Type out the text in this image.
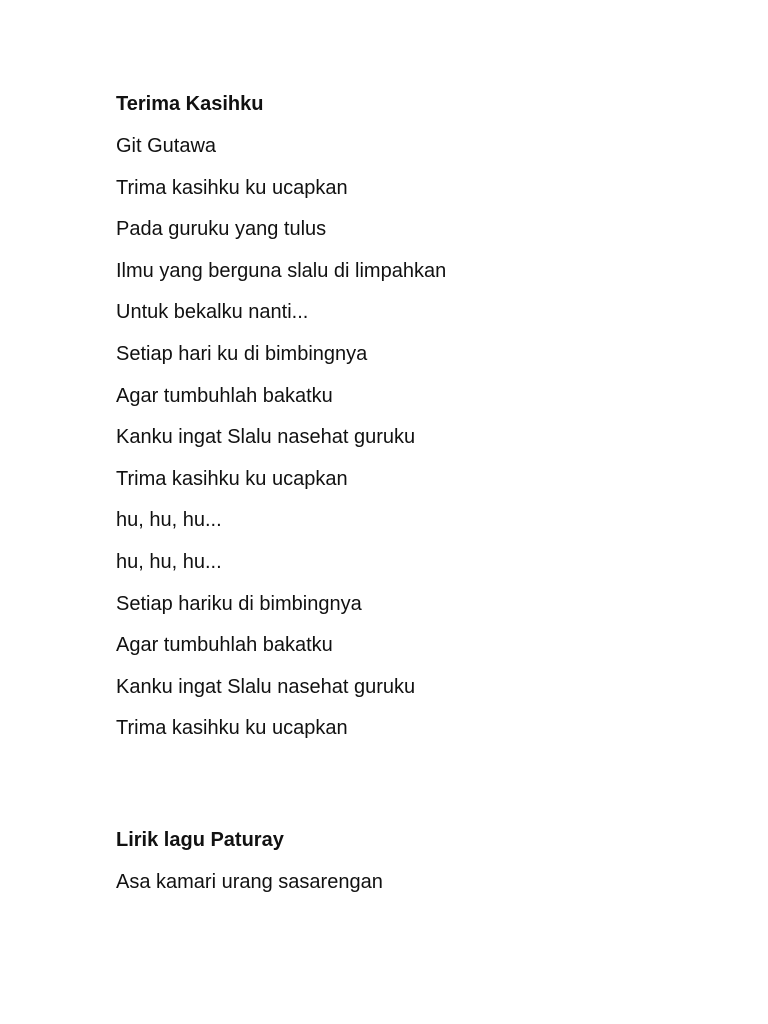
Terima Kasihku

Git Gutawa

Trima kasihku ku ucapkan

Pada guruku yang tulus

Ilmu yang berguna slalu di limpahkan

Untuk bekalku nanti...

Setiap hari ku di bimbingnya

Agar tumbuhlah bakatku

Kanku ingat Slalu nasehat guruku

Trima kasihku ku ucapkan

hu, hu, hu...

hu, hu, hu...

Setiap hariku di bimbingnya

Agar tumbuhlah bakatku

Kanku ingat Slalu nasehat guruku

Trima kasihku ku ucapkan

Lirik lagu Paturay

Asa kamari urang sasarengan
